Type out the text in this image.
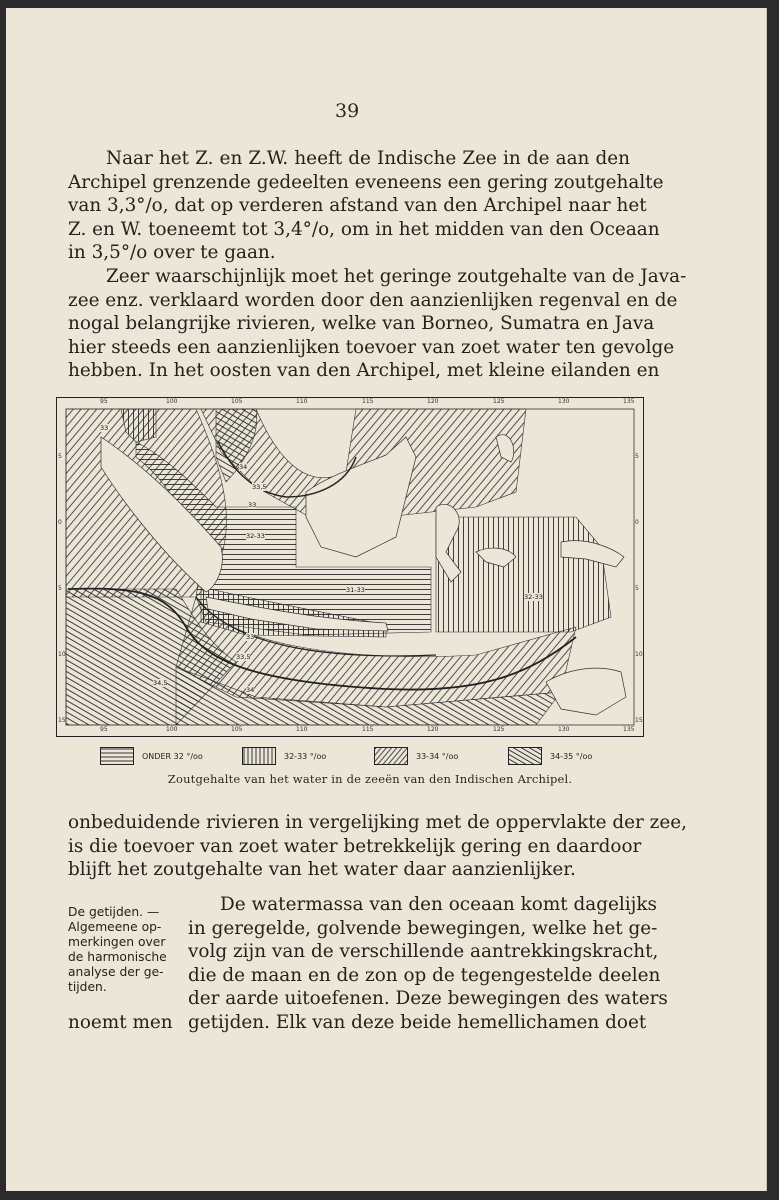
39
Naar het Z. en Z.W. heeft de Indische Zee in de aan den
Archipel grenzende gedeelten eveneens een gering zoutgehalte
van 3,3°/o, dat op verderen afstand van den Archipel naar het
Z. en W. toeneemt tot 3,4°/o, om in het midden van den Oceaan
in 3,5°/o over te gaan.
Zeer waarschijnlijk moet het geringe zoutgehalte van de Java-
zee enz. verklaard worden door den aanzienlijken regenval en de
nogal belangrijke rivieren, welke van Borneo, Sumatra en Java
hier steeds een aanzienlijken toevoer van zoet water ten gevolge
hebben. In het oosten van den Archipel, met kleine eilanden en
95	100	105	110	115	120	125	130	135
95	100	105	110	115	120	125	130	135
5
0
5
10
15
5
0
5
10
15
33
34
33,5
33
32-33
31-33
32-33
33
33,5
34,5
34
ONDER 32 °/oo	32-33 °/oo	33-34 °/oo	34-35 °/oo
Zoutgehalte van het water in de zeeën van den Indischen Archipel.
onbeduidende rivieren in vergelijking met de oppervlakte der zee,
is die toevoer van zoet water betrekkelijk gering en daardoor
blijft het zoutgehalte van het water daar aanzienlijker.
De getijden. —
Algemeene op-
merkingen over
de harmonische
analyse der ge-
tijden.
De watermassa van den oceaan komt dagelijks
in geregelde, golvende bewegingen, welke het ge-
volg zijn van de verschillende aantrekkingskracht,
die de maan en de zon op de tegengestelde deelen
der aarde uitoefenen. Deze bewegingen des waters
noemt men getijden. Elk van deze beide hemellichamen doet
